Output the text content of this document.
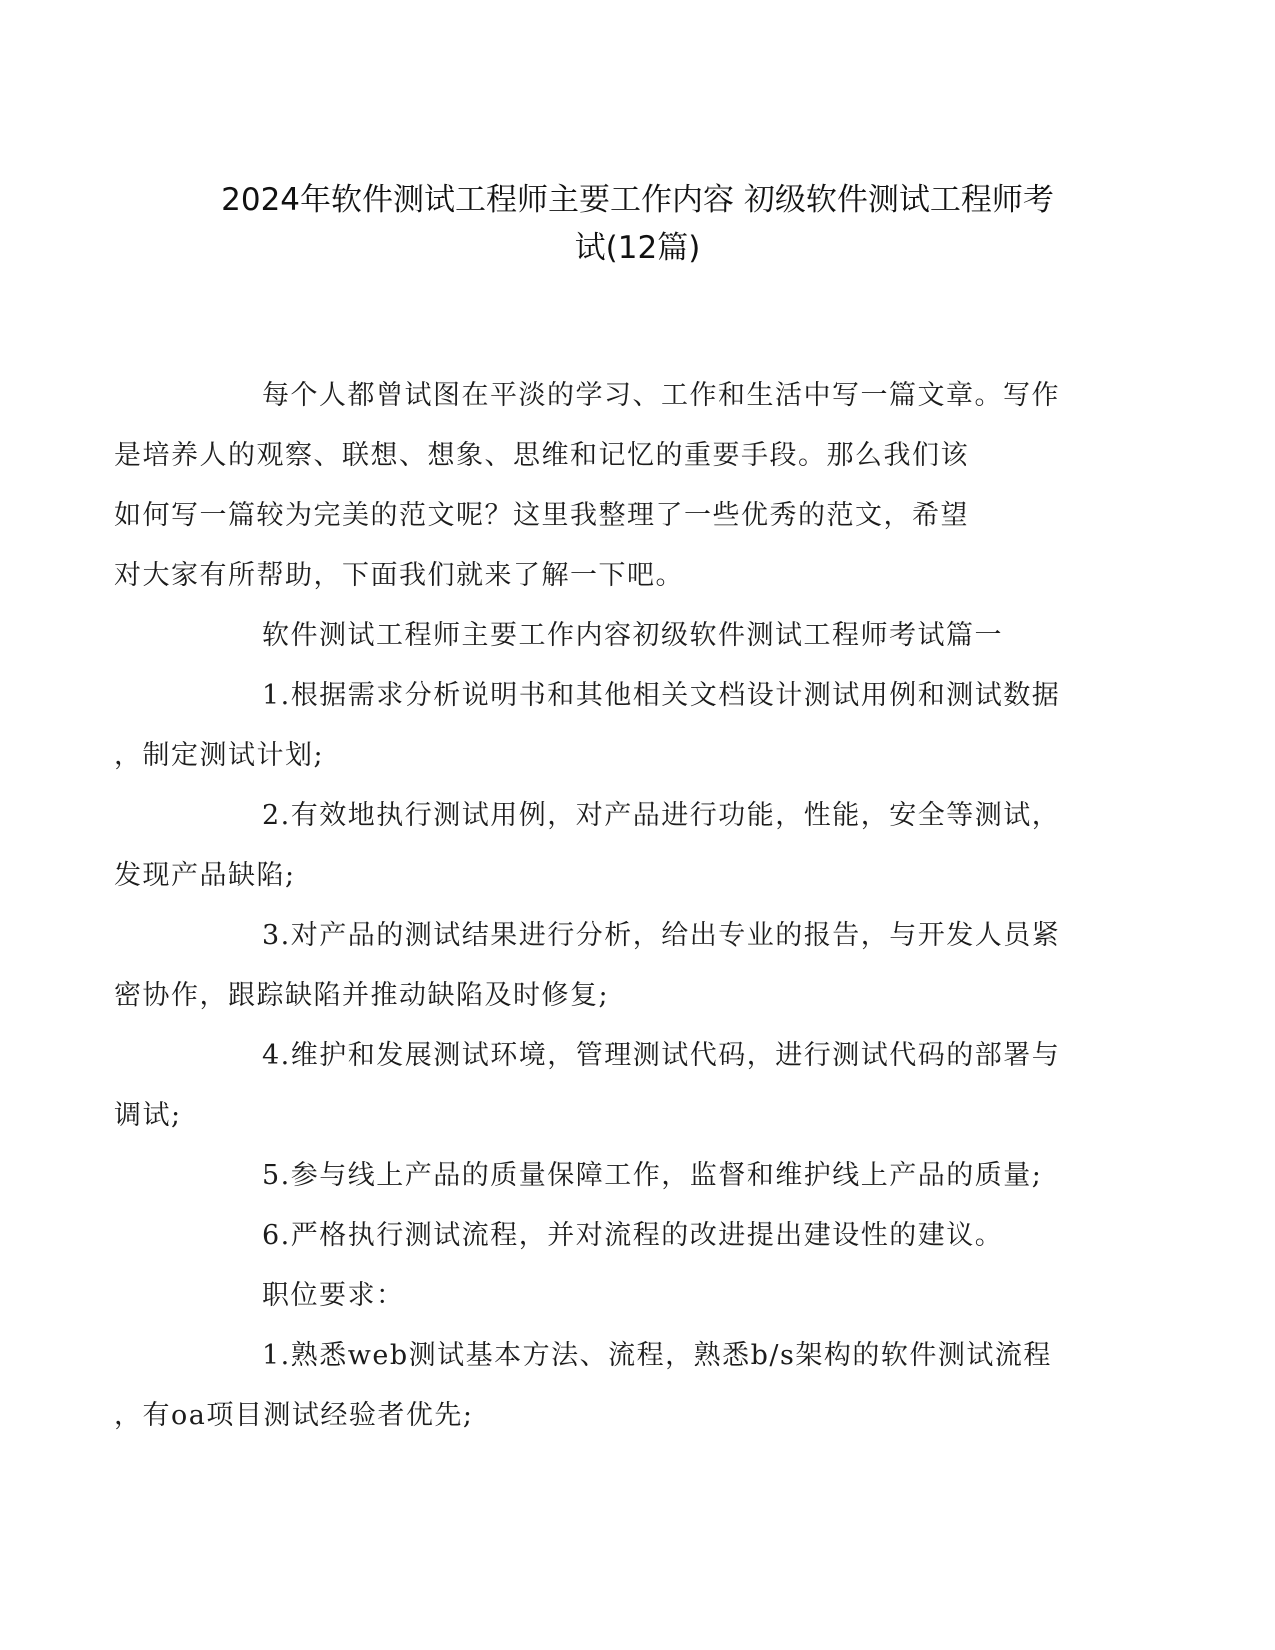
2024年软件测试工程师主要工作内容 初级软件测试工程师考
试(12篇)

每个人都曾试图在平淡的学习、工作和生活中写一篇文章。写作
是培养人的观察、联想、想象、思维和记忆的重要手段。那么我们该
如何写一篇较为完美的范文呢？这里我整理了一些优秀的范文，希望
对大家有所帮助，下面我们就来了解一下吧。

软件测试工程师主要工作内容初级软件测试工程师考试篇一

1.根据需求分析说明书和其他相关文档设计测试用例和测试数据
，制定测试计划;

2.有效地执行测试用例，对产品进行功能，性能，安全等测试，
发现产品缺陷;

3.对产品的测试结果进行分析，给出专业的报告，与开发人员紧
密协作，跟踪缺陷并推动缺陷及时修复;

4.维护和发展测试环境，管理测试代码，进行测试代码的部署与
调试;

5.参与线上产品的质量保障工作，监督和维护线上产品的质量;

6.严格执行测试流程，并对流程的改进提出建设性的建议。

职位要求：

1.熟悉web测试基本方法、流程，熟悉b/s架构的软件测试流程
，有oa项目测试经验者优先;
